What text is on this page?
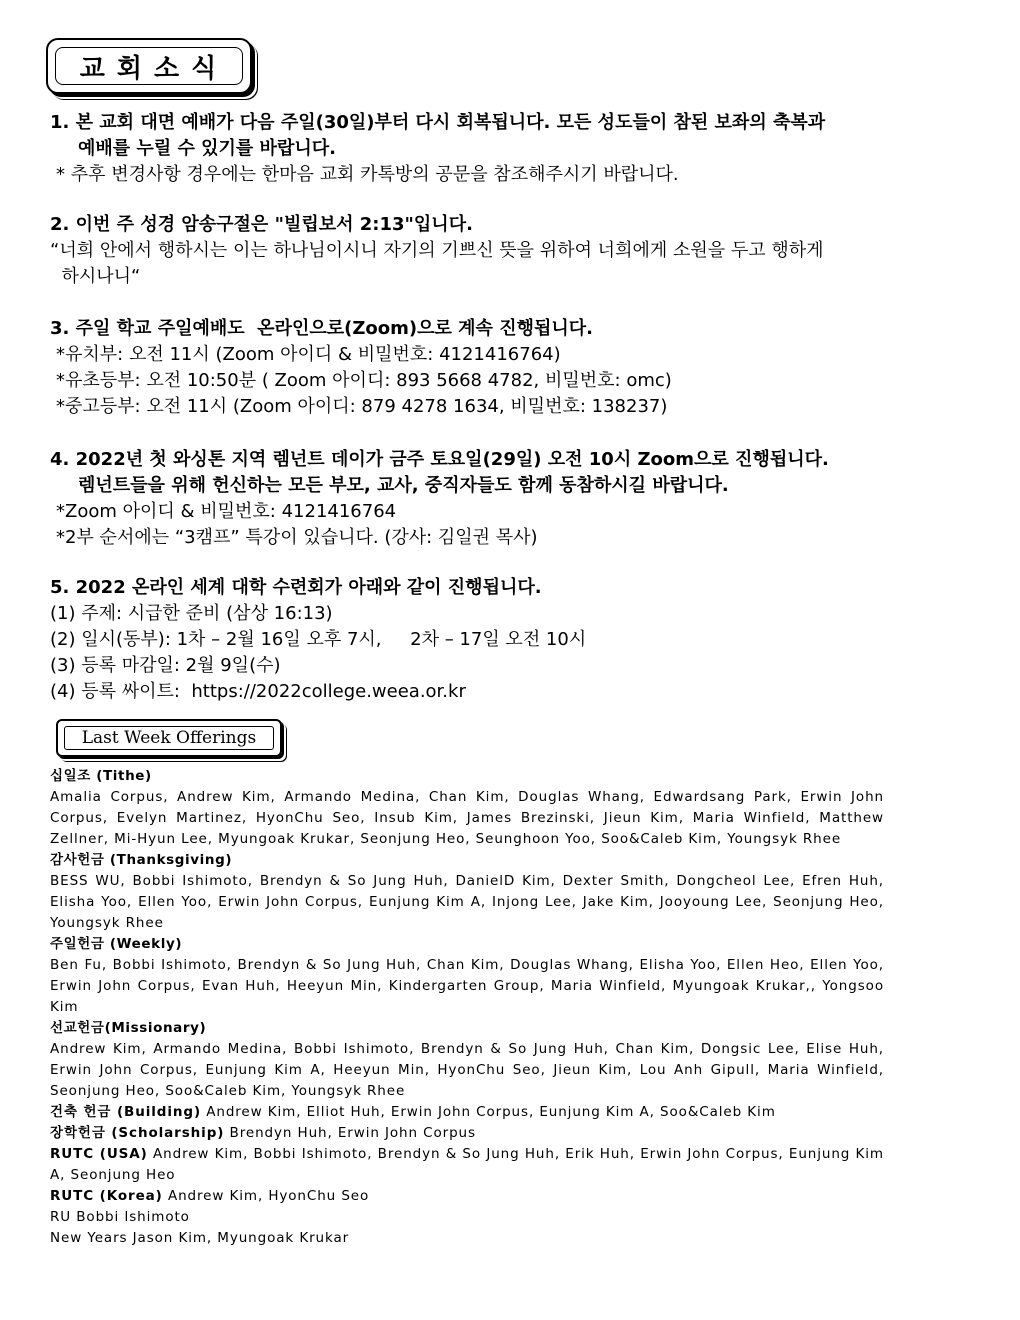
교회소식
1. 본 교회 대면 예배가 다음 주일(30일)부터 다시 회복됩니다. 모든 성도들이 참된 보좌의 축복과
예배를 누릴 수 있기를 바랍니다.
* 추후 변경사항 경우에는 한마음 교회 카톡방의 공문을 참조해주시기 바랍니다.
2. 이번 주 성경 암송구절은 "빌립보서 2:13"입니다.
“너희 안에서 행하시는 이는 하나님이시니 자기의 기쁘신 뜻을 위하여 너희에게 소원을 두고 행하게
하시나니“
3. 주일 학교 주일예배도  온라인으로(Zoom)으로 계속 진행됩니다.
*유치부: 오전 11시 (Zoom 아이디 & 비밀번호: 4121416764)
*유초등부: 오전 10:50분 ( Zoom 아이디: 893 5668 4782, 비밀번호: omc)
*중고등부: 오전 11시 (Zoom 아이디: 879 4278 1634, 비밀번호: 138237)
4. 2022년 첫 와싱톤 지역 렘넌트 데이가 금주 토요일(29일) 오전 10시 Zoom으로 진행됩니다.
렘넌트들을 위해 헌신하는 모든 부모, 교사, 중직자들도 함께 동참하시길 바랍니다.
*Zoom 아이디 & 비밀번호: 4121416764
*2부 순서에는 “3캠프” 특강이 있습니다. (강사: 김일권 목사)
5. 2022 온라인 세계 대학 수련회가 아래와 같이 진행됩니다.
(1) 주제: 시급한 준비 (삼상 16:13)
(2) 일시(동부): 1차 – 2월 16일 오후 7시,     2차 – 17일 오전 10시
(3) 등록 마감일: 2월 9일(수)
(4) 등록 싸이트:  https://2022college.weea.or.kr
Last Week Offerings
십일조 (Tithe)
Amalia Corpus, Andrew Kim, Armando Medina, Chan Kim, Douglas Whang, Edwardsang Park, Erwin John Corpus, Evelyn Martinez, HyonChu Seo, Insub Kim, James Brezinski, Jieun Kim, Maria Winfield, Matthew Zellner, Mi-Hyun Lee, Myungoak Krukar, Seonjung Heo, Seunghoon Yoo, Soo&Caleb Kim, Youngsyk Rhee
감사헌금 (Thanksgiving)
BESS WU, Bobbi Ishimoto, Brendyn & So Jung Huh, DanielD Kim, Dexter Smith, Dongcheol Lee, Efren Huh, Elisha Yoo, Ellen Yoo, Erwin John Corpus, Eunjung Kim A, Injong Lee, Jake Kim, Jooyoung Lee, Seonjung Heo, Youngsyk Rhee
주일헌금 (Weekly)
Ben Fu, Bobbi Ishimoto, Brendyn & So Jung Huh, Chan Kim, Douglas Whang, Elisha Yoo, Ellen Heo, Ellen Yoo, Erwin John Corpus, Evan Huh, Heeyun Min, Kindergarten Group, Maria Winfield, Myungoak Krukar,, Yongsoo Kim
선교헌금(Missionary)
Andrew Kim, Armando Medina, Bobbi Ishimoto, Brendyn & So Jung Huh, Chan Kim, Dongsic Lee, Elise Huh, Erwin John Corpus, Eunjung Kim A, Heeyun Min, HyonChu Seo, Jieun Kim, Lou Anh Gipull, Maria Winfield, Seonjung Heo, Soo&Caleb Kim, Youngsyk Rhee
건축 헌금 (Building) Andrew Kim, Elliot Huh, Erwin John Corpus, Eunjung Kim A, Soo&Caleb Kim
장학헌금 (Scholarship) Brendyn Huh, Erwin John Corpus
RUTC (USA) Andrew Kim, Bobbi Ishimoto, Brendyn & So Jung Huh, Erik Huh, Erwin John Corpus, Eunjung Kim A, Seonjung Heo
RUTC (Korea) Andrew Kim, HyonChu Seo
RU Bobbi Ishimoto
New Years Jason Kim, Myungoak Krukar
